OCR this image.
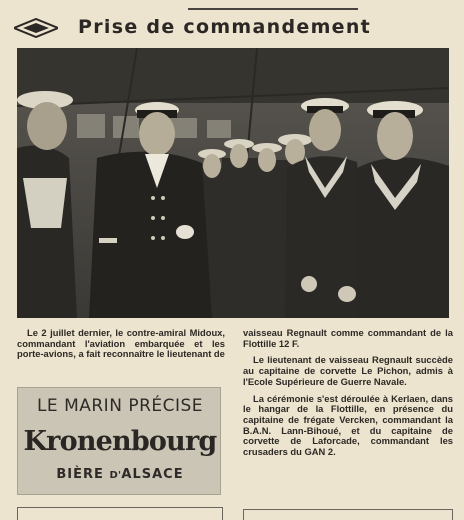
Prise de commandement

Le 2 juillet dernier, le contre-amiral Midoux, commandant l'aviation embarquée et les porte-avions, a fait reconnaître le lieutenant de

vaisseau Regnault comme commandant de la Flottille 12 F.

Le lieutenant de vaisseau Regnault succède au capitaine de corvette Le Pichon, admis à l'Ecole Supérieure de Guerre Navale.

La cérémonie s'est déroulée à Kerlaen, dans le hangar de la Flottille, en présence du capitaine de frégate Vercken, commandant la B.A.N. Lann-Bihoué, et du capitaine de corvette de Laforcade, commandant les crusaders du GAN 2.

LE MARIN PRÉCISE
Kronenbourg
BIÈRE D'ALSACE
